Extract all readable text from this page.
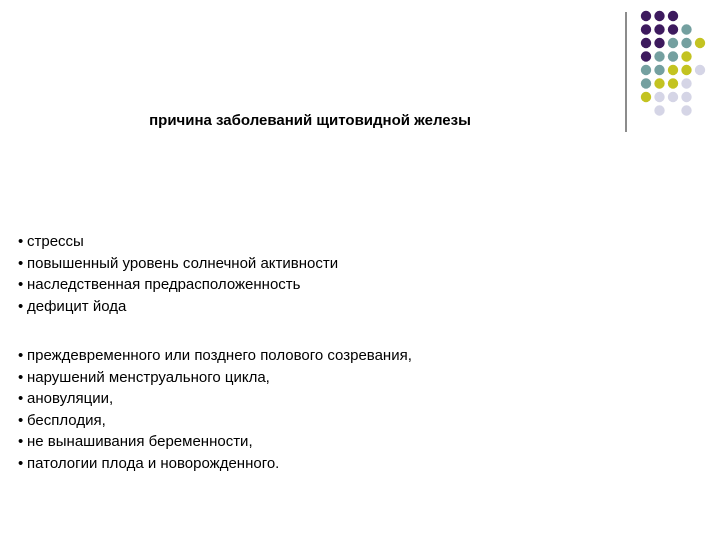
причина заболеваний щитовидной железы
• стрессы
• повышенный уровень солнечной активности
• наследственная предрасположенность
• дефицит йода
• преждевременного или позднего полового созревания,
• нарушений менструального цикла,
• ановуляции,
• бесплодия,
• не вынашивания беременности,
• патологии плода и новорожденного.
